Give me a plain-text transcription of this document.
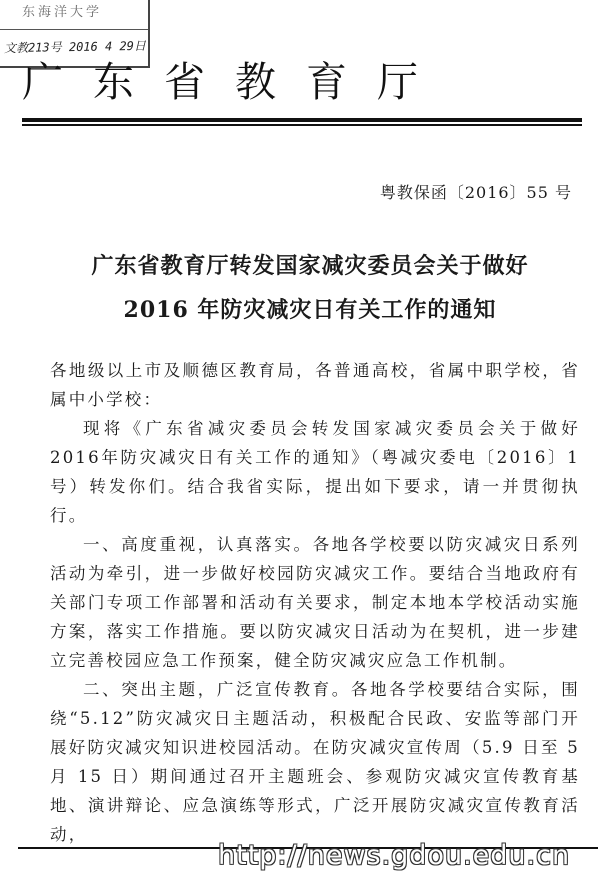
东海洋大学
文教213号 2016 4 29日
广东省教育厅
粤教保函〔2016〕55 号
广东省教育厅转发国家减灾委员会关于做好
2016 年防灾减灾日有关工作的通知

各地级以上市及顺德区教育局，各普通高校，省属中职学校，省属中小学校：

现将《广东省减灾委员会转发国家减灾委员会关于做好2016年防灾减灾日有关工作的通知》（粤减灾委电〔2016〕1 号）转发你们。结合我省实际，提出如下要求，请一并贯彻执行。

一、高度重视，认真落实。各地各学校要以防灾减灾日系列活动为牵引，进一步做好校园防灾减灾工作。要结合当地政府有关部门专项工作部署和活动有关要求，制定本地本学校活动实施方案，落实工作措施。要以防灾减灾日活动为在契机，进一步建立完善校园应急工作预案，健全防灾减灾应急工作机制。

二、突出主题，广泛宣传教育。各地各学校要结合实际，围绕“5.12”防灾减灾日主题活动，积极配合民政、安监等部门开展好防灾减灾知识进校园活动。在防灾减灾宣传周（5.9 日至 5 月 15 日）期间通过召开主题班会、参观防灾减灾宣传教育基地、演讲辩论、应急演练等形式，广泛开展防灾减灾宣传教育活动，

http://news.gdou.edu.cn
